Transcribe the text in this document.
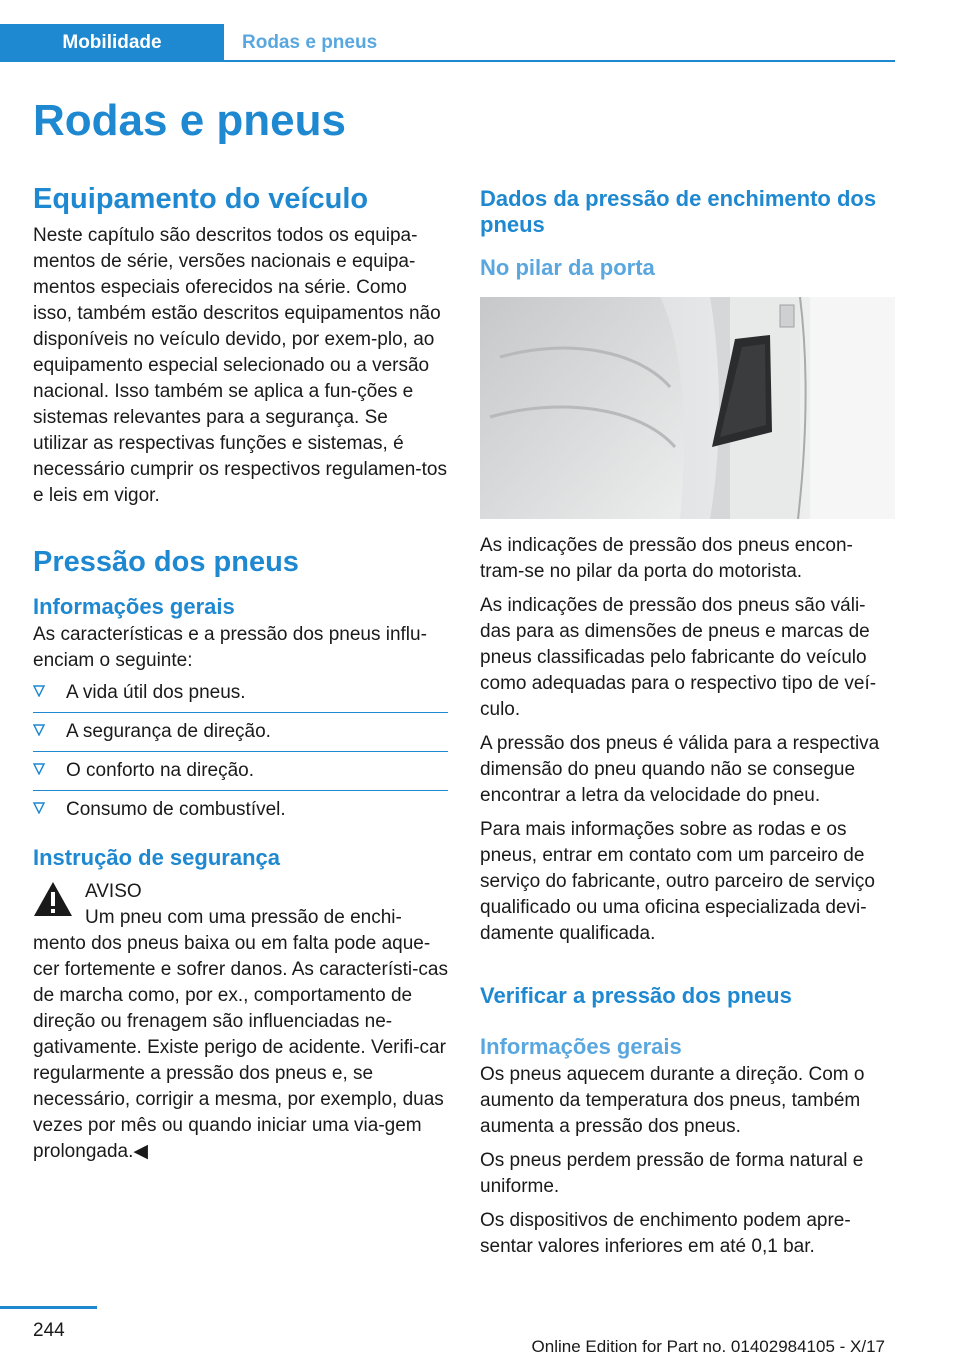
Mobilidade	Rodas e pneus
Rodas e pneus
Equipamento do veículo

Neste capítulo são descritos todos os equipa-mentos de série, versões nacionais e equipa-mentos especiais oferecidos na série. Como isso, também estão descritos equipamentos não disponíveis no veículo devido, por exem-plo, ao equipamento especial selecionado ou a versão nacional. Isso também se aplica a fun-ções e sistemas relevantes para a segurança. Se utilizar as respectivas funções e sistemas, é necessário cumprir os respectivos regulamen-tos e leis em vigor.

Pressão dos pneus
Informações gerais

As características e a pressão dos pneus influ-enciam o seguinte:

A vida útil dos pneus.
A segurança de direção.
O conforto na direção.
Consumo de combustível.
Instrução de segurança
AVISO
Um pneu com uma pressão de enchi-
mento dos pneus baixa ou em falta pode aque-cer fortemente e sofrer danos. As característi-cas de marcha como, por ex., comportamento de direção ou frenagem são influenciadas ne-gativamente. Existe perigo de acidente. Verifi-car regularmente a pressão dos pneus e, se necessário, corrigir a mesma, por exemplo, duas vezes por mês ou quando iniciar uma via-gem prolongada.◀
Dados da pressão de enchimento dos pneus
No pilar da porta

As indicações de pressão dos pneus encon-tram-se no pilar da porta do motorista.

As indicações de pressão dos pneus são váli-das para as dimensões de pneus e marcas de pneus classificadas pelo fabricante do veículo como adequadas para o respectivo tipo de veí-culo.

A pressão dos pneus é válida para a respectiva dimensão do pneu quando não se consegue encontrar a letra da velocidade do pneu.

Para mais informações sobre as rodas e os pneus, entrar em contato com um parceiro de serviço do fabricante, outro parceiro de serviço qualificado ou uma oficina especializada devi-damente qualificada.

Verificar a pressão dos pneus
Informações gerais

Os pneus aquecem durante a direção. Com o aumento da temperatura dos pneus, também aumenta a pressão dos pneus.

Os pneus perdem pressão de forma natural e uniforme.

Os dispositivos de enchimento podem apre-sentar valores inferiores em até 0,1 bar.

244
Online Edition for Part no. 01402984105 - X/17
